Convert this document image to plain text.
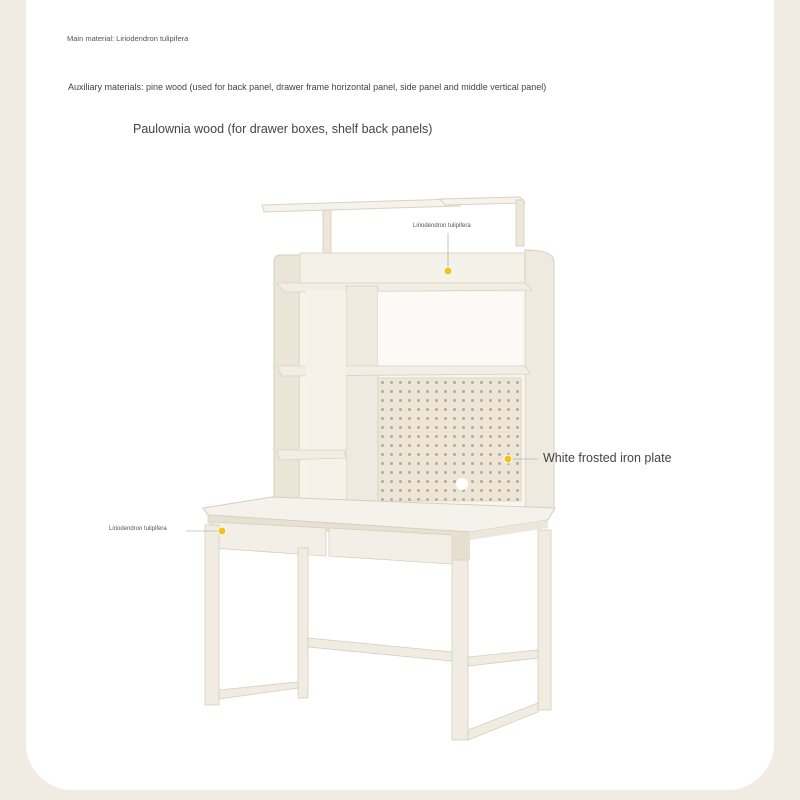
Main material: Liriodendron tulipifera
Auxiliary materials: pine wood (used for back panel, drawer frame horizontal panel, side panel and middle vertical panel)
Paulownia wood (for drawer boxes, shelf back panels)
Liriodendron tulipifera
Liriodendron tulipifera
White frosted iron plate
